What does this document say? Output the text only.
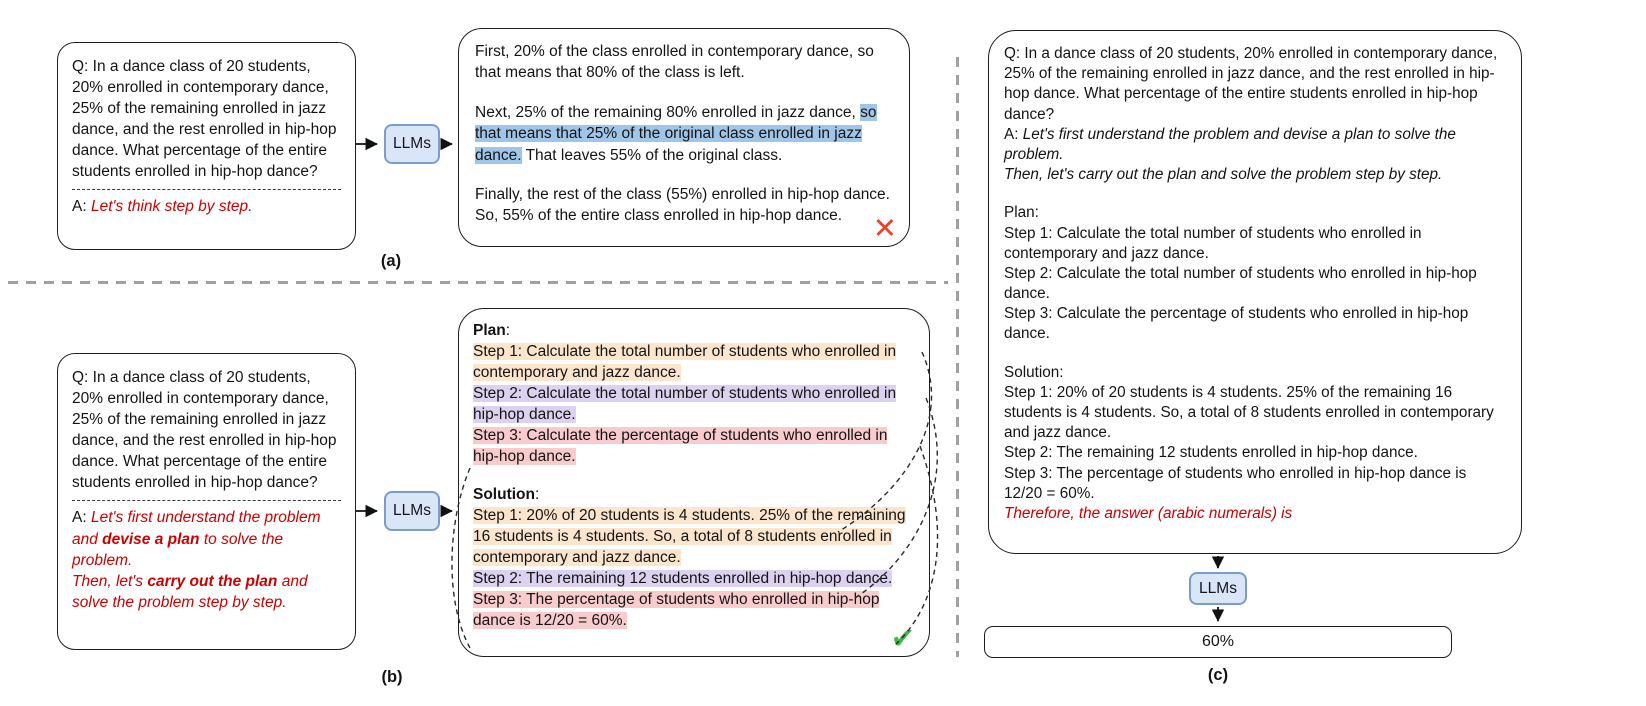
Q: In a dance class of 20 students, 20% enrolled in contemporary dance, 25% of the remaining enrolled in jazz dance, and the rest enrolled in hip-hop dance. What percentage of the entire students enrolled in hip-hop dance?

A: Let's think step by step.

LLMs

First, 20% of the class enrolled in contemporary dance, so that means that 80% of the class is left.

Next, 25% of the remaining 80% enrolled in jazz dance, so that means that 25% of the original class enrolled in jazz dance. That leaves 55% of the original class.

Finally, the rest of the class (55%) enrolled in hip-hop dance. So, 55% of the entire class enrolled in hip-hop dance.	✕
(a)

Q: In a dance class of 20 students, 20% enrolled in contemporary dance, 25% of the remaining enrolled in jazz dance, and the rest enrolled in hip-hop dance. What percentage of the entire students enrolled in hip-hop dance?

A: Let's first understand the problem and devise a plan to solve the problem.

Then, let's carry out the plan and solve the problem step by step.

LLMs

Plan:

Step 1: Calculate the total number of students who enrolled in contemporary and jazz dance.

Step 2: Calculate the total number of students who enrolled in hip-hop dance.

Step 3: Calculate the percentage of students who enrolled in hip-hop dance.

Solution:

Step 1: 20% of 20 students is 4 students. 25% of the remaining 16 students is 4 students. So, a total of 8 students enrolled in contemporary and jazz dance.

Step 2: The remaining 12 students enrolled in hip-hop dance.

Step 3: The percentage of students who enrolled in hip-hop dance is 12/20 = 60%.

✔
(b)

Q: In a dance class of 20 students, 20% enrolled in contemporary dance, 25% of the remaining enrolled in jazz dance, and the rest enrolled in hip-hop dance. What percentage of the entire students enrolled in hip-hop dance?

A: Let's first understand the problem and devise a plan to solve the problem.

Then, let's carry out the plan and solve the problem step by step.

Plan:

Step 1: Calculate the total number of students who enrolled in contemporary and jazz dance.

Step 2: Calculate the total number of students who enrolled in hip-hop dance.

Step 3: Calculate the percentage of students who enrolled in hip-hop dance.

Solution:

Step 1: 20% of 20 students is 4 students. 25% of the remaining 16 students is 4 students. So, a total of 8 students enrolled in contemporary and jazz dance.

Step 2: The remaining 12 students enrolled in hip-hop dance.

Step 3: The percentage of students who enrolled in hip-hop dance is 12/20 = 60%.

Therefore, the answer (arabic numerals) is

LLMs
60%
(c)
